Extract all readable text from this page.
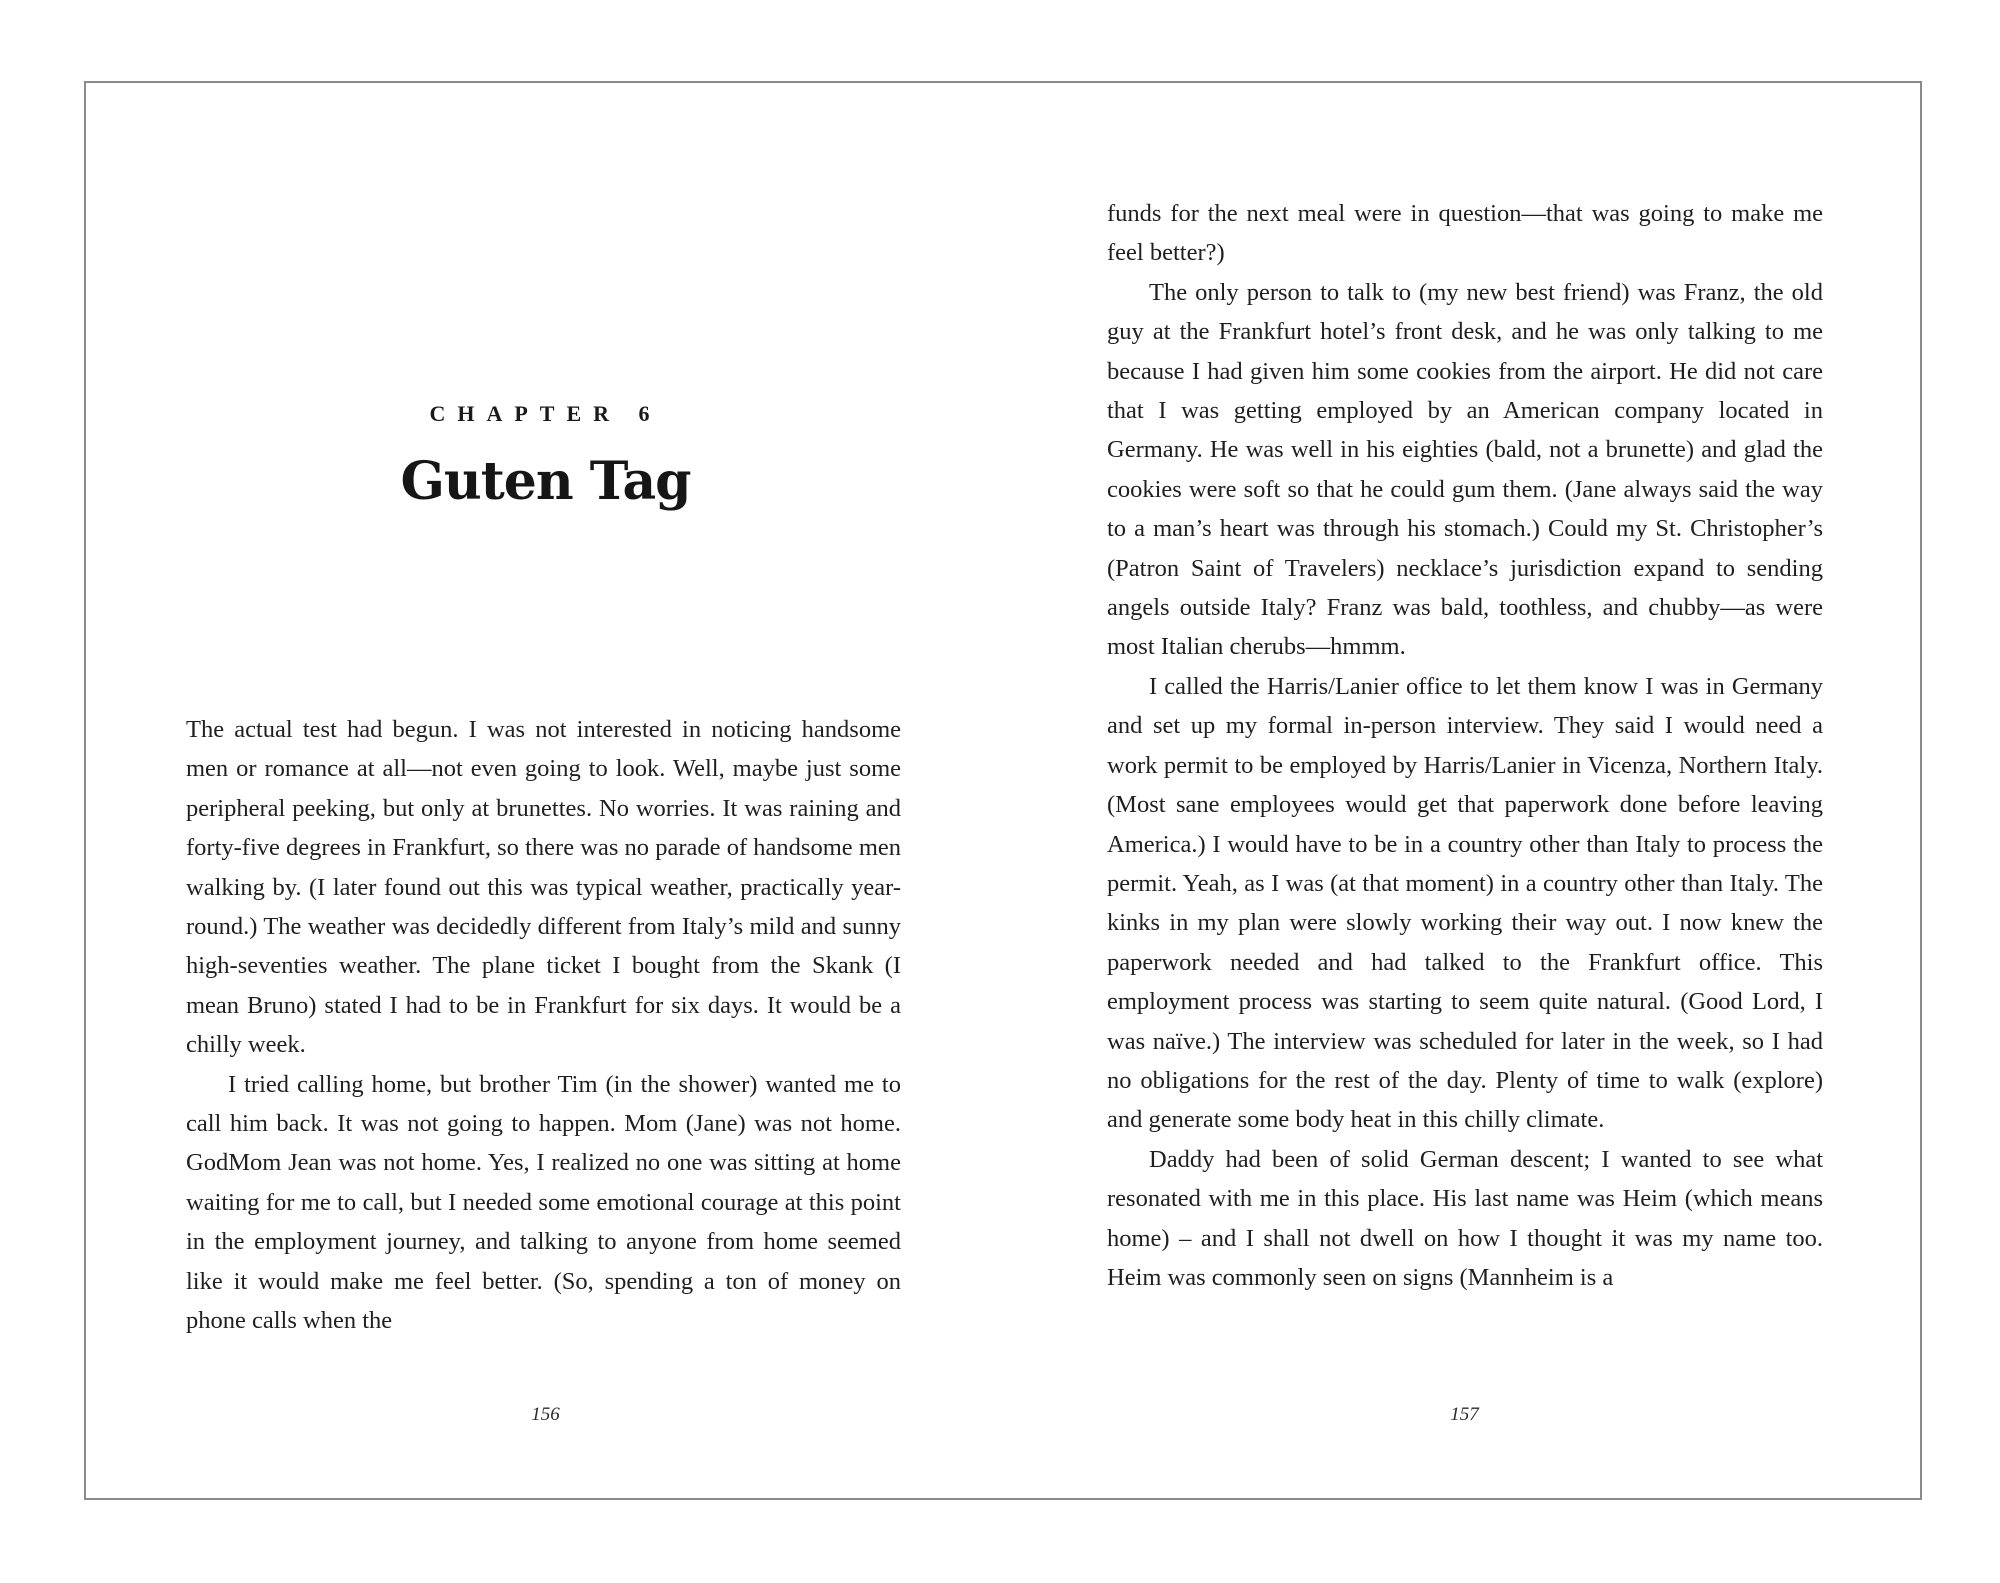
CHAPTER 6
Guten Tag

The actual test had begun. I was not interested in noticing handsome men or romance at all—not even going to look. Well, maybe just some peripheral peeking, but only at brunettes. No worries. It was raining and forty-five degrees in Frankfurt, so there was no parade of handsome men walking by. (I later found out this was typical weather, practically year-round.) The weather was decidedly different from Italy’s mild and sunny high-seventies weather. The plane ticket I bought from the Skank (I mean Bruno) stated I had to be in Frankfurt for six days. It would be a chilly week.

I tried calling home, but brother Tim (in the shower) wanted me to call him back. It was not going to happen. Mom (Jane) was not home. GodMom Jean was not home. Yes, I realized no one was sitting at home waiting for me to call, but I needed some emotional courage at this point in the employment journey, and talking to anyone from home seemed like it would make me feel better. (So, spending a ton of money on phone calls when the

156	157

funds for the next meal were in question—that was going to make me feel better?)

The only person to talk to (my new best friend) was Franz, the old guy at the Frankfurt hotel’s front desk, and he was only talking to me because I had given him some cookies from the airport. He did not care that I was getting employed by an American company located in Germany. He was well in his eighties (bald, not a brunette) and glad the cookies were soft so that he could gum them. (Jane always said the way to a man’s heart was through his stomach.) Could my St. Christopher’s (Patron Saint of Travelers) necklace’s jurisdiction expand to sending angels outside Italy? Franz was bald, toothless, and chubby—as were most Italian cherubs—hmmm.

I called the Harris/Lanier office to let them know I was in Germany and set up my formal in-person interview. They said I would need a work permit to be employed by Harris/Lanier in Vicenza, Northern Italy. (Most sane employees would get that paperwork done before leaving America.) I would have to be in a country other than Italy to process the permit. Yeah, as I was (at that moment) in a country other than Italy. The kinks in my plan were slowly working their way out. I now knew the paperwork needed and had talked to the Frankfurt office. This employment process was starting to seem quite natural. (Good Lord, I was naïve.) The interview was scheduled for later in the week, so I had no obligations for the rest of the day. Plenty of time to walk (explore) and generate some body heat in this chilly climate.

Daddy had been of solid German descent; I wanted to see what resonated with me in this place. His last name was Heim (which means home) – and I shall not dwell on how I thought it was my name too. Heim was commonly seen on signs (Mannheim is a
